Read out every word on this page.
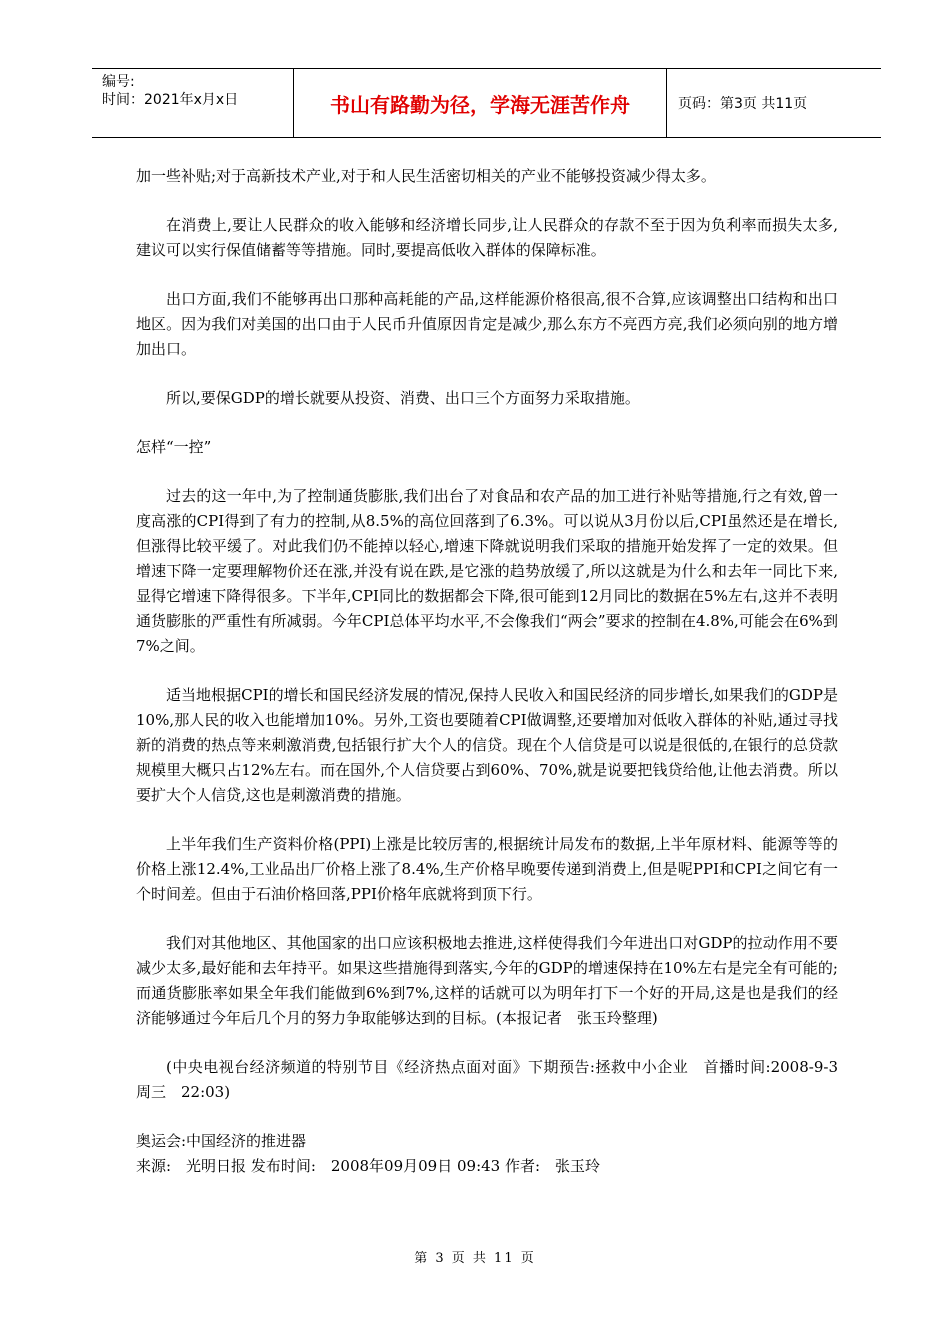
编号:
时间：2021年x月x日	书山有路勤为径，学海无涯苦作舟	页码：第3页 共11页

加一些补贴;对于高新技术产业,对于和人民生活密切相关的产业不能够投资减少得太多。

在消费上,要让人民群众的收入能够和经济增长同步,让人民群众的存款不至于因为负利率而损失太多,建议可以实行保值储蓄等等措施。同时,要提高低收入群体的保障标准。

出口方面,我们不能够再出口那种高耗能的产品,这样能源价格很高,很不合算,应该调整出口结构和出口地区。因为我们对美国的出口由于人民币升值原因肯定是减少,那么东方不亮西方亮,我们必须向别的地方增加出口。

所以,要保GDP的增长就要从投资、消费、出口三个方面努力采取措施。

怎样“一控”

过去的这一年中,为了控制通货膨胀,我们出台了对食品和农产品的加工进行补贴等措施,行之有效,曾一度高涨的CPI得到了有力的控制,从8.5%的高位回落到了6.3%。可以说从3月份以后,CPI虽然还是在增长,但涨得比较平缓了。对此我们仍不能掉以轻心,增速下降就说明我们采取的措施开始发挥了一定的效果。但增速下降一定要理解物价还在涨,并没有说在跌,是它涨的趋势放缓了,所以这就是为什么和去年一同比下来,显得它增速下降得很多。下半年,CPI同比的数据都会下降,很可能到12月同比的数据在5%左右,这并不表明通货膨胀的严重性有所减弱。今年CPI总体平均水平,不会像我们“两会”要求的控制在4.8%,可能会在6%到7%之间。

适当地根据CPI的增长和国民经济发展的情况,保持人民收入和国民经济的同步增长,如果我们的GDP是10%,那人民的收入也能增加10%。另外,工资也要随着CPI做调整,还要增加对低收入群体的补贴,通过寻找新的消费的热点等来刺激消费,包括银行扩大个人的信贷。现在个人信贷是可以说是很低的,在银行的总贷款规模里大概只占12%左右。而在国外,个人信贷要占到60%、70%,就是说要把钱贷给他,让他去消费。所以要扩大个人信贷,这也是刺激消费的措施。

上半年我们生产资料价格(PPI)上涨是比较厉害的,根据统计局发布的数据,上半年原材料、能源等等的价格上涨12.4%,工业品出厂价格上涨了8.4%,生产价格早晚要传递到消费上,但是呢PPI和CPI之间它有一个时间差。但由于石油价格回落,PPI价格年底就将到顶下行。

我们对其他地区、其他国家的出口应该积极地去推进,这样使得我们今年进出口对GDP的拉动作用不要减少太多,最好能和去年持平。如果这些措施得到落实,今年的GDP的增速保持在10%左右是完全有可能的;而通货膨胀率如果全年我们能做到6%到7%,这样的话就可以为明年打下一个好的开局,这是也是我们的经济能够通过今年后几个月的努力争取能够达到的目标。(本报记者　张玉玲整理)

(中央电视台经济频道的特别节目《经济热点面对面》下期预告:拯救中小企业　首播时间:2008-9-3　周三　22:03)

奥运会:中国经济的推进器

来源:　光明日报 发布时间:　2008年09月09日 09:43 作者:　张玉玲

第 3 页 共 11 页
